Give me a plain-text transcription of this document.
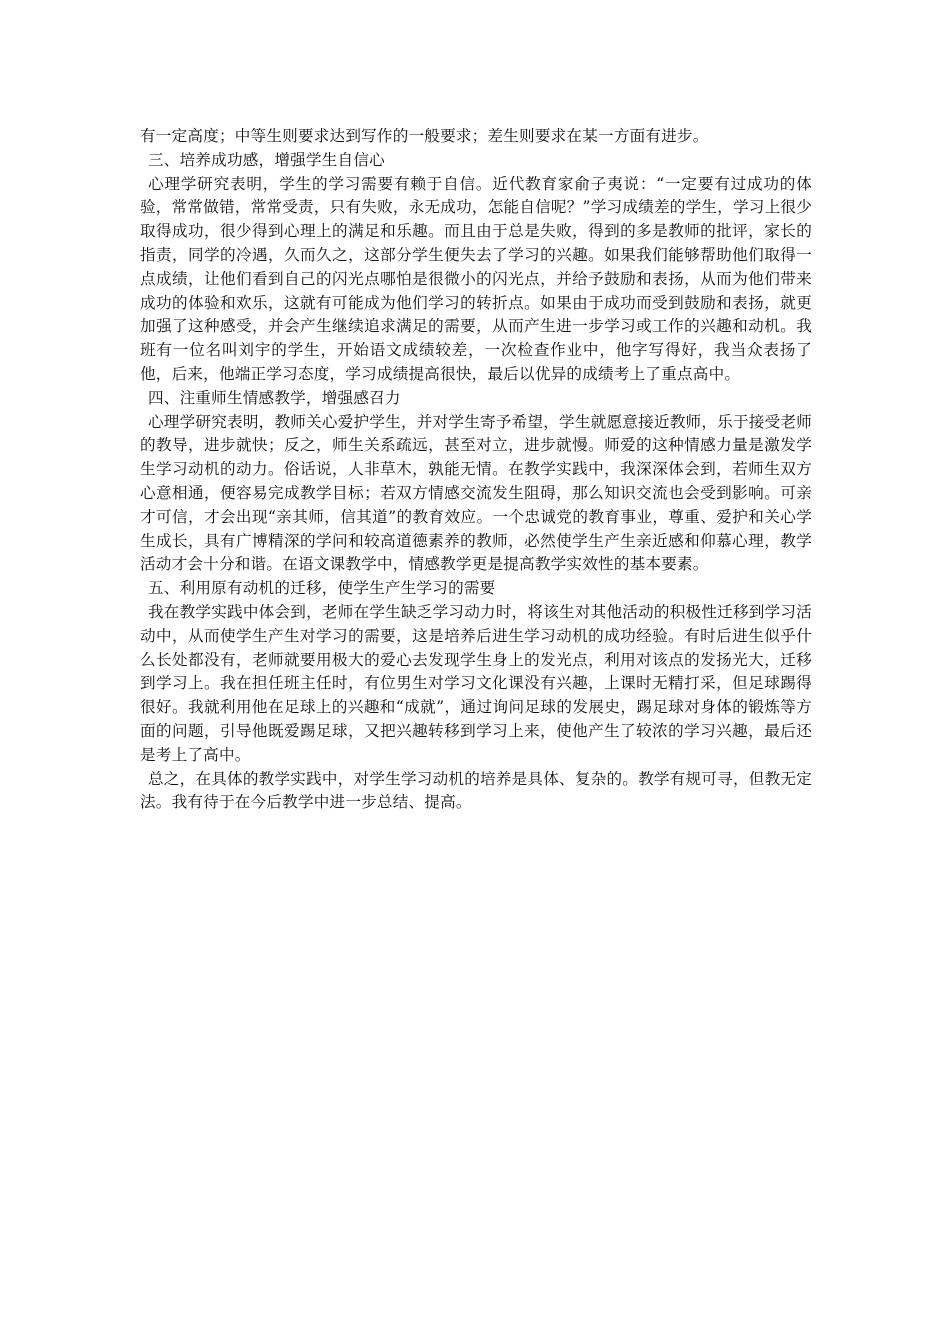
有一定高度；中等生则要求达到写作的一般要求；差生则要求在某一方面有进步。

三、培养成功感，增强学生自信心

心理学研究表明，学生的学习需要有赖于自信。近代教育家俞子夷说：“一定要有过成功的体验，常常做错，常常受责，只有失败，永无成功，怎能自信呢？”学习成绩差的学生，学习上很少取得成功，很少得到心理上的满足和乐趣。而且由于总是失败，得到的多是教师的批评，家长的指责，同学的冷遇，久而久之，这部分学生便失去了学习的兴趣。如果我们能够帮助他们取得一点成绩，让他们看到自己的闪光点哪怕是很微小的闪光点，并给予鼓励和表扬，从而为他们带来成功的体验和欢乐，这就有可能成为他们学习的转折点。如果由于成功而受到鼓励和表扬，就更加强了这种感受，并会产生继续追求满足的需要，从而产生进一步学习或工作的兴趣和动机。我班有一位名叫刘宇的学生，开始语文成绩较差，一次检查作业中，他字写得好，我当众表扬了他，后来，他端正学习态度，学习成绩提高很快，最后以优异的成绩考上了重点高中。

四、注重师生情感教学，增强感召力

心理学研究表明，教师关心爱护学生，并对学生寄予希望，学生就愿意接近教师，乐于接受老师的教导，进步就快；反之，师生关系疏远，甚至对立，进步就慢。师爱的这种情感力量是激发学生学习动机的动力。俗话说，人非草木，孰能无情。在教学实践中，我深深体会到，若师生双方心意相通，便容易完成教学目标；若双方情感交流发生阻碍，那么知识交流也会受到影响。可亲才可信，才会出现“亲其师，信其道”的教育效应。一个忠诚党的教育事业，尊重、爱护和关心学生成长，具有广博精深的学问和较高道德素养的教师，必然使学生产生亲近感和仰慕心理，教学活动才会十分和谐。在语文课教学中，情感教学更是提高教学实效性的基本要素。

五、利用原有动机的迁移，使学生产生学习的需要

我在教学实践中体会到，老师在学生缺乏学习动力时，将该生对其他活动的积极性迁移到学习活动中，从而使学生产生对学习的需要，这是培养后进生学习动机的成功经验。有时后进生似乎什么长处都没有，老师就要用极大的爱心去发现学生身上的发光点，利用对该点的发扬光大，迁移到学习上。我在担任班主任时，有位男生对学习文化课没有兴趣，上课时无精打采，但足球踢得很好。我就利用他在足球上的兴趣和“成就”，通过询问足球的发展史，踢足球对身体的锻炼等方面的问题，引导他既爱踢足球，又把兴趣转移到学习上来，使他产生了较浓的学习兴趣，最后还是考上了高中。

总之，在具体的教学实践中，对学生学习动机的培养是具体、复杂的。教学有规可寻，但教无定法。我有待于在今后教学中进一步总结、提高。
